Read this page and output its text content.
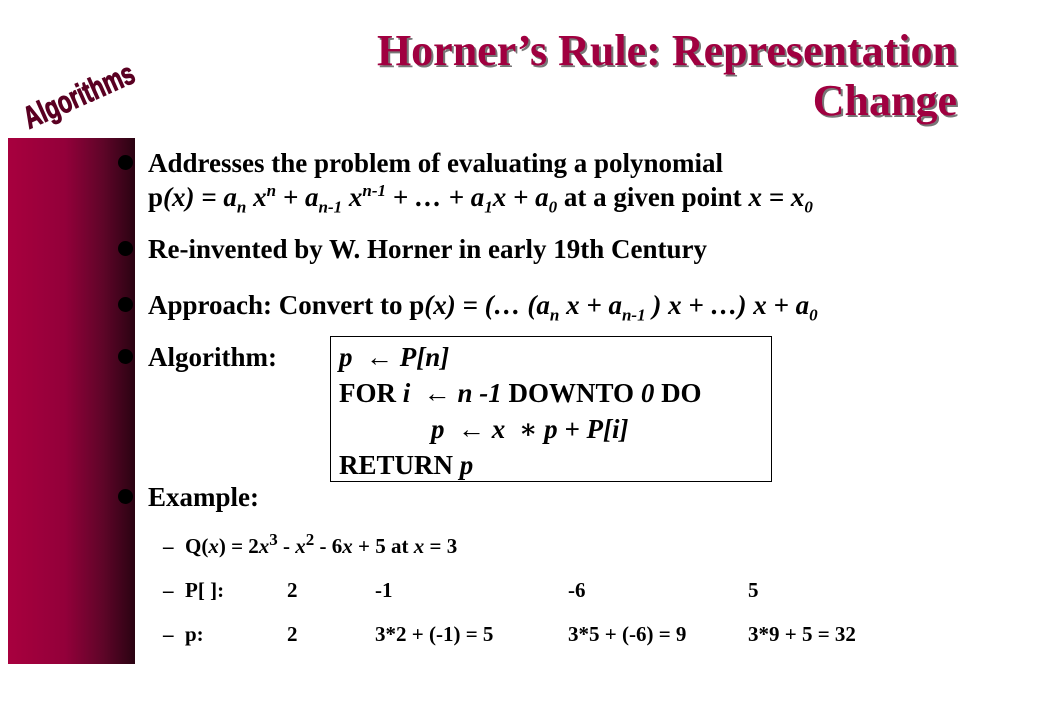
Algorithms	Horner’s Rule: Representation
Change
Addresses the problem of evaluating a polynomial
$p(x) = a_n$ $x^n + a_{n-1}$ $x^{n-1}$ + … + $a_1x + a_0$ at a given point $x = x_0$
Re-invented by W. Horner in early 19th Century
Approach: Convert to p(x) = (… ($a_n$ $x + a_{n-1}$ ) x + …) $x + a_0$
Algorithm: p ← P[n]
FOR i ← n -1 DOWNTO 0 DO
p ← x ∗ p + P[i]
RETURN p
Example:
– $Q(x) = 2x^3 - x^2 - 6x + 5$ at x = 3
– P[ ]:	2	-1	-6	5
– p:	2	3*2 + (-1) = 5	3*5 + (-6) = 9	3*9 + 5 = 32
